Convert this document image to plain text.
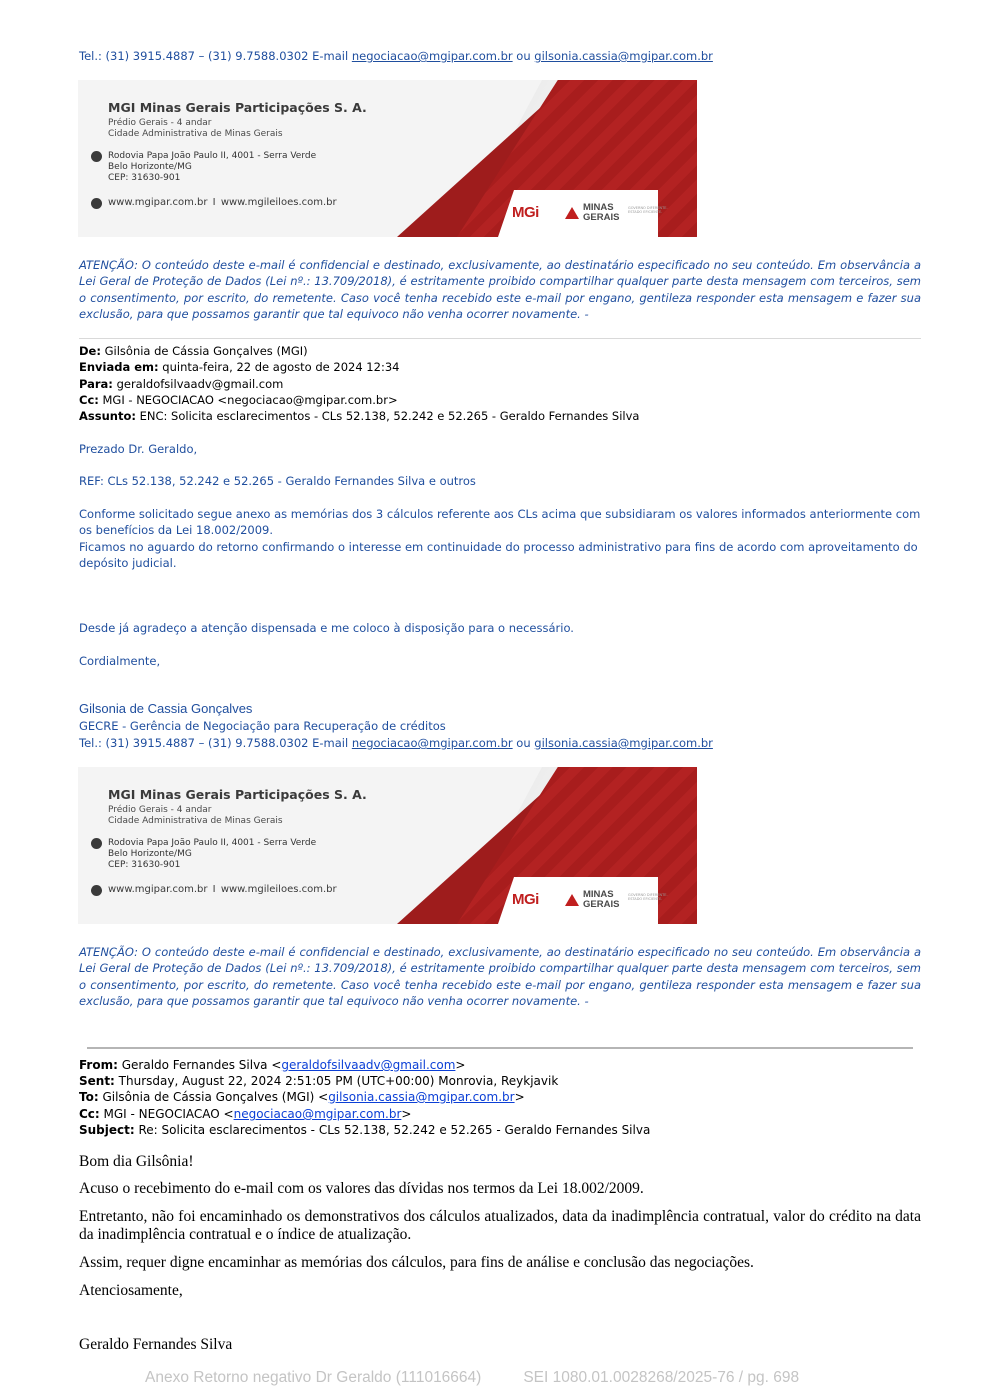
Tel.: (31) 3915.4887 – (31) 9.7588.0302 E-mail negociacao@mgipar.com.br ou gilsonia.cassia@mgipar.com.br
MGI Minas Gerais Participações S. A.
Prédio Gerais - 4 andar
Cidade Administrativa de Minas Gerais
Rodovia Papa João Paulo II, 4001 - Serra Verde
Belo Horizonte/MG
CEP: 31630-901
www.mgipar.com.br I www.mgileiloes.com.br
MGi	MINAS
GERAIS
GOVERNO DIFERENTE. ESTADO EFICIENTE.
ATENÇÃO: O conteúdo deste e-mail é confidencial e destinado, exclusivamente, ao destinatário especificado no seu conteúdo. Em observância a Lei Geral de Proteção de Dados (Lei nº.: 13.709/2018), é estritamente proibido compartilhar qualquer parte desta mensagem com terceiros, sem o consentimento, por escrito, do remetente. Caso você tenha recebido este e-mail por engano, gentileza responder esta mensagem e fazer sua exclusão, para que possamos garantir que tal equivoco não venha ocorrer novamente. -
De: Gilsônia de Cássia Gonçalves (MGI)
Enviada em: quinta-feira, 22 de agosto de 2024 12:34
Para: geraldofsilvaadv@gmail.com
Cc: MGI - NEGOCIACAO <negociacao@mgipar.com.br>
Assunto: ENC: Solicita esclarecimentos - CLs 52.138, 52.242 e 52.265 - Geraldo Fernandes Silva
Prezado Dr. Geraldo,
REF: CLs 52.138, 52.242 e 52.265 - Geraldo Fernandes Silva e outros
Conforme solicitado segue anexo as memórias dos 3 cálculos referente aos CLs acima que subsidiaram os valores informados anteriormente com os benefícios da Lei 18.002/2009.
Ficamos no aguardo do retorno confirmando o interesse em continuidade do processo administrativo para fins de acordo com aproveitamento do depósito judicial.
Desde já agradeço a atenção dispensada e me coloco à disposição para o necessário.
Cordialmente,
Gilsonia de Cassia Gonçalves
GECRE - Gerência de Negociação para Recuperação de créditos
Tel.: (31) 3915.4887 – (31) 9.7588.0302 E-mail negociacao@mgipar.com.br ou gilsonia.cassia@mgipar.com.br
MGI Minas Gerais Participações S. A.
Prédio Gerais - 4 andar
Cidade Administrativa de Minas Gerais
Rodovia Papa João Paulo II, 4001 - Serra Verde
Belo Horizonte/MG
CEP: 31630-901
www.mgipar.com.br I www.mgileiloes.com.br
MGi	MINAS
GERAIS
GOVERNO DIFERENTE. ESTADO EFICIENTE.
ATENÇÃO: O conteúdo deste e-mail é confidencial e destinado, exclusivamente, ao destinatário especificado no seu conteúdo. Em observância a Lei Geral de Proteção de Dados (Lei nº.: 13.709/2018), é estritamente proibido compartilhar qualquer parte desta mensagem com terceiros, sem o consentimento, por escrito, do remetente. Caso você tenha recebido este e-mail por engano, gentileza responder esta mensagem e fazer sua exclusão, para que possamos garantir que tal equivoco não venha ocorrer novamente. -
From: Geraldo Fernandes Silva <geraldofsilvaadv@gmail.com>
Sent: Thursday, August 22, 2024 2:51:05 PM (UTC+00:00) Monrovia, Reykjavik
To: Gilsônia de Cássia Gonçalves (MGI) <gilsonia.cassia@mgipar.com.br>
Cc: MGI - NEGOCIACAO <negociacao@mgipar.com.br>
Subject: Re: Solicita esclarecimentos - CLs 52.138, 52.242 e 52.265 - Geraldo Fernandes Silva
Bom dia Gilsônia!
Acuso o recebimento do e-mail com os valores das dívidas nos termos da Lei 18.002/2009.
Entretanto, não foi encaminhado os demonstrativos dos cálculos atualizados, data da inadimplência contratual, valor do crédito na data da inadimplência contratual e o índice de atualização.
Assim, requer digne encaminhar as memórias dos cálculos, para fins de análise e conclusão das negociações.
Atenciosamente,
Geraldo Fernandes Silva
Anexo Retorno negativo Dr Geraldo (111016664)	SEI 1080.01.0028268/2025-76 / pg. 698
